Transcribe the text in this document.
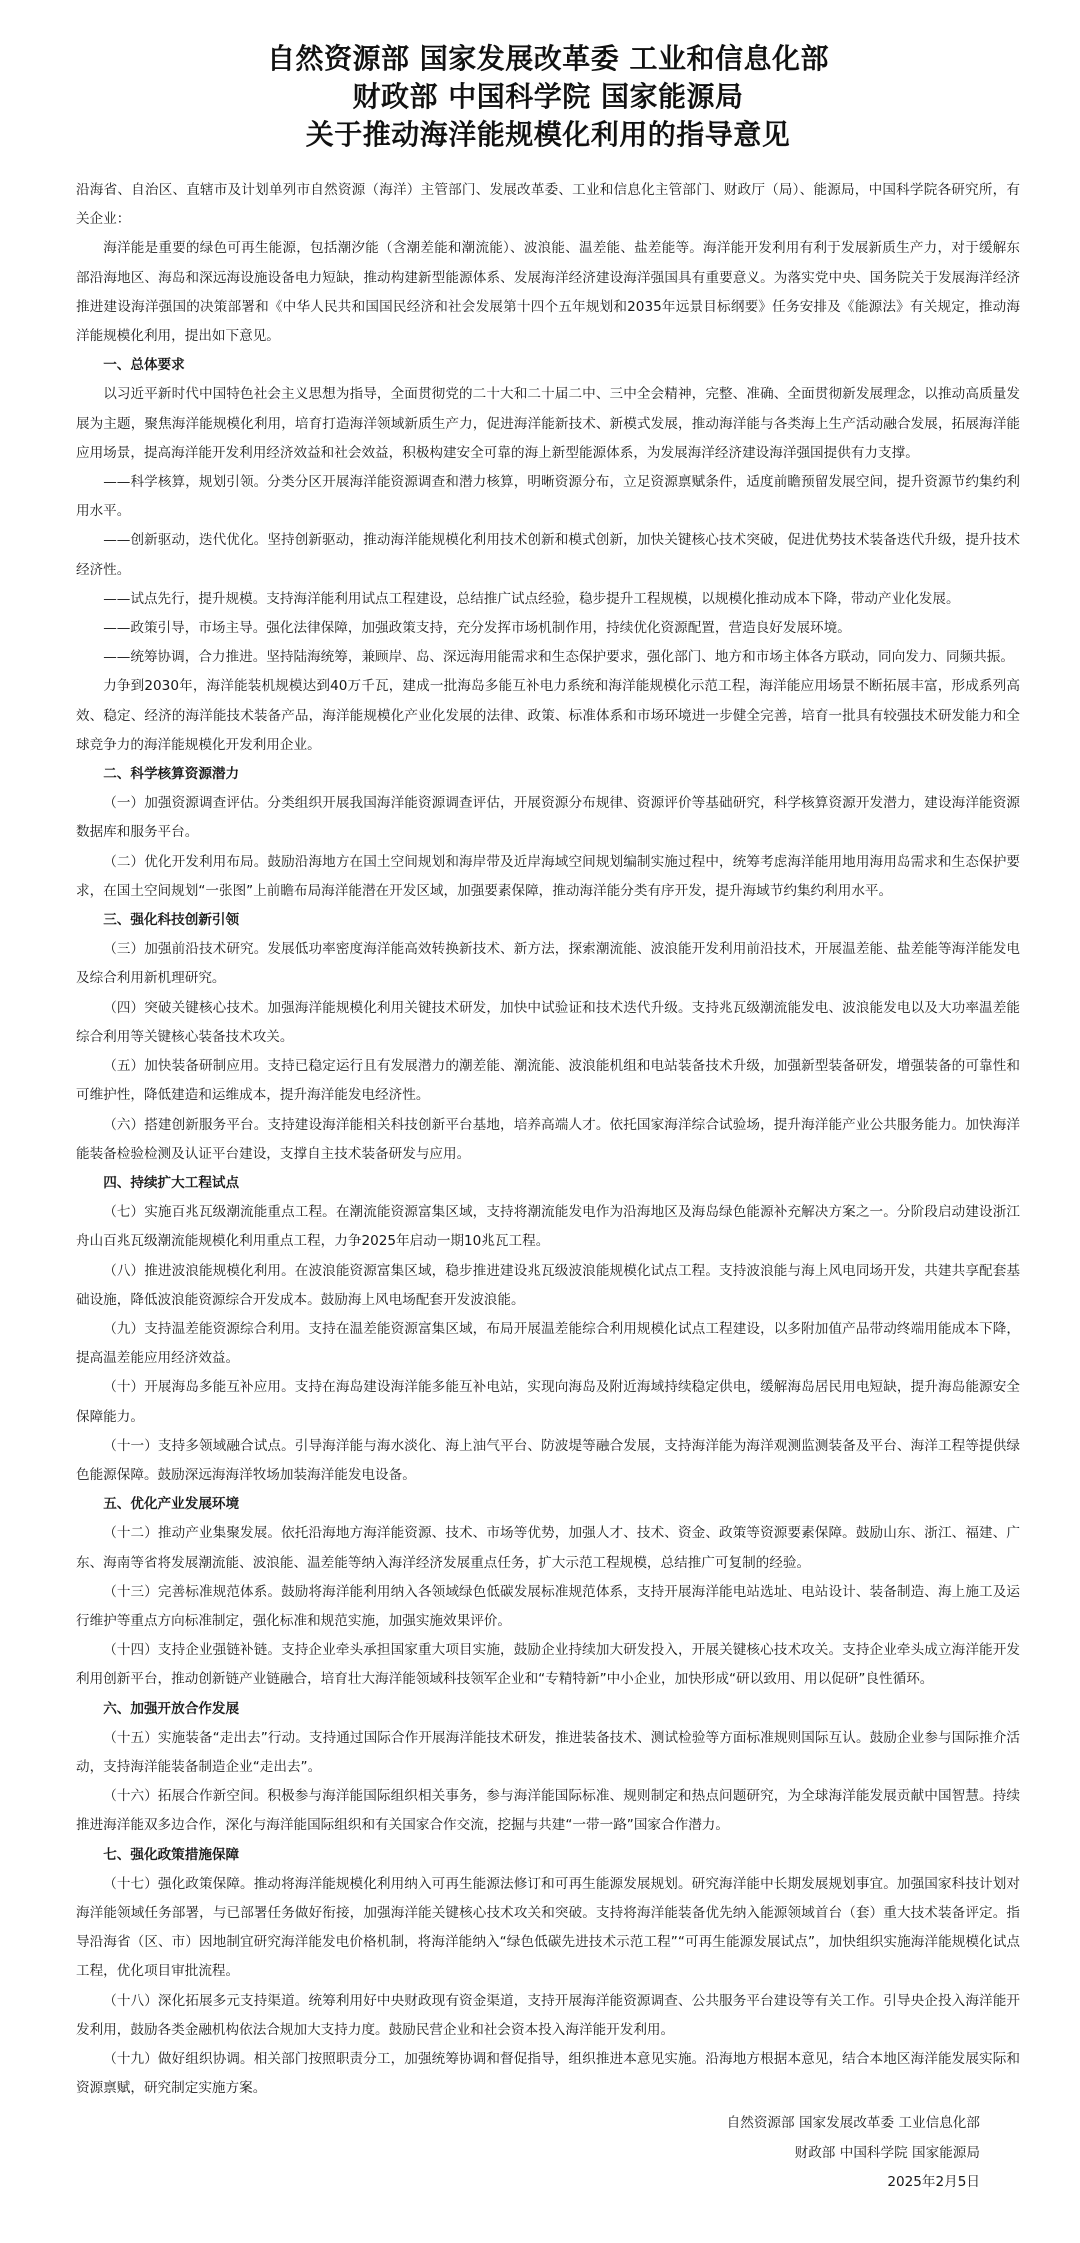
自然资源部 国家发展改革委 工业和信息化部
财政部 中国科学院 国家能源局
关于推动海洋能规模化利用的指导意见

沿海省、自治区、直辖市及计划单列市自然资源（海洋）主管部门、发展改革委、工业和信息化主管部门、财政厅（局）、能源局，中国科学院各研究所，有关企业：

海洋能是重要的绿色可再生能源，包括潮汐能（含潮差能和潮流能）、波浪能、温差能、盐差能等。海洋能开发利用有利于发展新质生产力，对于缓解东部沿海地区、海岛和深远海设施设备电力短缺，推动构建新型能源体系、发展海洋经济建设海洋强国具有重要意义。为落实党中央、国务院关于发展海洋经济推进建设海洋强国的决策部署和《中华人民共和国国民经济和社会发展第十四个五年规划和2035年远景目标纲要》任务安排及《能源法》有关规定，推动海洋能规模化利用，提出如下意见。

一、总体要求

以习近平新时代中国特色社会主义思想为指导，全面贯彻党的二十大和二十届二中、三中全会精神，完整、准确、全面贯彻新发展理念，以推动高质量发展为主题，聚焦海洋能规模化利用，培育打造海洋领域新质生产力，促进海洋能新技术、新模式发展，推动海洋能与各类海上生产活动融合发展，拓展海洋能应用场景，提高海洋能开发利用经济效益和社会效益，积极构建安全可靠的海上新型能源体系，为发展海洋经济建设海洋强国提供有力支撑。

——科学核算，规划引领。分类分区开展海洋能资源调查和潜力核算，明晰资源分布，立足资源禀赋条件，适度前瞻预留发展空间，提升资源节约集约利用水平。

——创新驱动，迭代优化。坚持创新驱动，推动海洋能规模化利用技术创新和模式创新，加快关键核心技术突破，促进优势技术装备迭代升级，提升技术经济性。

——试点先行，提升规模。支持海洋能利用试点工程建设，总结推广试点经验，稳步提升工程规模，以规模化推动成本下降，带动产业化发展。

——政策引导，市场主导。强化法律保障，加强政策支持，充分发挥市场机制作用，持续优化资源配置，营造良好发展环境。

——统筹协调，合力推进。坚持陆海统筹，兼顾岸、岛、深远海用能需求和生态保护要求，强化部门、地方和市场主体各方联动，同向发力、同频共振。

力争到2030年，海洋能装机规模达到40万千瓦，建成一批海岛多能互补电力系统和海洋能规模化示范工程，海洋能应用场景不断拓展丰富，形成系列高效、稳定、经济的海洋能技术装备产品，海洋能规模化产业化发展的法律、政策、标准体系和市场环境进一步健全完善，培育一批具有较强技术研发能力和全球竞争力的海洋能规模化开发利用企业。

二、科学核算资源潜力

（一）加强资源调查评估。分类组织开展我国海洋能资源调查评估，开展资源分布规律、资源评价等基础研究，科学核算资源开发潜力，建设海洋能资源数据库和服务平台。

（二）优化开发利用布局。鼓励沿海地方在国土空间规划和海岸带及近岸海域空间规划编制实施过程中，统筹考虑海洋能用地用海用岛需求和生态保护要求，在国土空间规划“一张图”上前瞻布局海洋能潜在开发区域，加强要素保障，推动海洋能分类有序开发，提升海域节约集约利用水平。

三、强化科技创新引领

（三）加强前沿技术研究。发展低功率密度海洋能高效转换新技术、新方法，探索潮流能、波浪能开发利用前沿技术，开展温差能、盐差能等海洋能发电及综合利用新机理研究。

（四）突破关键核心技术。加强海洋能规模化利用关键技术研发，加快中试验证和技术迭代升级。支持兆瓦级潮流能发电、波浪能发电以及大功率温差能综合利用等关键核心装备技术攻关。

（五）加快装备研制应用。支持已稳定运行且有发展潜力的潮差能、潮流能、波浪能机组和电站装备技术升级，加强新型装备研发，增强装备的可靠性和可维护性，降低建造和运维成本，提升海洋能发电经济性。

（六）搭建创新服务平台。支持建设海洋能相关科技创新平台基地，培养高端人才。依托国家海洋综合试验场，提升海洋能产业公共服务能力。加快海洋能装备检验检测及认证平台建设，支撑自主技术装备研发与应用。

四、持续扩大工程试点

（七）实施百兆瓦级潮流能重点工程。在潮流能资源富集区域，支持将潮流能发电作为沿海地区及海岛绿色能源补充解决方案之一。分阶段启动建设浙江舟山百兆瓦级潮流能规模化利用重点工程，力争2025年启动一期10兆瓦工程。

（八）推进波浪能规模化利用。在波浪能资源富集区域，稳步推进建设兆瓦级波浪能规模化试点工程。支持波浪能与海上风电同场开发，共建共享配套基础设施，降低波浪能资源综合开发成本。鼓励海上风电场配套开发波浪能。

（九）支持温差能资源综合利用。支持在温差能资源富集区域，布局开展温差能综合利用规模化试点工程建设，以多附加值产品带动终端用能成本下降，提高温差能应用经济效益。

（十）开展海岛多能互补应用。支持在海岛建设海洋能多能互补电站，实现向海岛及附近海域持续稳定供电，缓解海岛居民用电短缺，提升海岛能源安全保障能力。

（十一）支持多领域融合试点。引导海洋能与海水淡化、海上油气平台、防波堤等融合发展，支持海洋能为海洋观测监测装备及平台、海洋工程等提供绿色能源保障。鼓励深远海海洋牧场加装海洋能发电设备。

五、优化产业发展环境

（十二）推动产业集聚发展。依托沿海地方海洋能资源、技术、市场等优势，加强人才、技术、资金、政策等资源要素保障。鼓励山东、浙江、福建、广东、海南等省将发展潮流能、波浪能、温差能等纳入海洋经济发展重点任务，扩大示范工程规模，总结推广可复制的经验。

（十三）完善标准规范体系。鼓励将海洋能利用纳入各领域绿色低碳发展标准规范体系，支持开展海洋能电站选址、电站设计、装备制造、海上施工及运行维护等重点方向标准制定，强化标准和规范实施，加强实施效果评价。

（十四）支持企业强链补链。支持企业牵头承担国家重大项目实施，鼓励企业持续加大研发投入，开展关键核心技术攻关。支持企业牵头成立海洋能开发利用创新平台，推动创新链产业链融合，培育壮大海洋能领域科技领军企业和“专精特新”中小企业，加快形成“研以致用、用以促研”良性循环。

六、加强开放合作发展

（十五）实施装备“走出去”行动。支持通过国际合作开展海洋能技术研发，推进装备技术、测试检验等方面标准规则国际互认。鼓励企业参与国际推介活动，支持海洋能装备制造企业“走出去”。

（十六）拓展合作新空间。积极参与海洋能国际组织相关事务，参与海洋能国际标准、规则制定和热点问题研究，为全球海洋能发展贡献中国智慧。持续推进海洋能双多边合作，深化与海洋能国际组织和有关国家合作交流，挖掘与共建“一带一路”国家合作潜力。

七、强化政策措施保障

（十七）强化政策保障。推动将海洋能规模化利用纳入可再生能源法修订和可再生能源发展规划。研究海洋能中长期发展规划事宜。加强国家科技计划对海洋能领域任务部署，与已部署任务做好衔接，加强海洋能关键核心技术攻关和突破。支持将海洋能装备优先纳入能源领域首台（套）重大技术装备评定。指导沿海省（区、市）因地制宜研究海洋能发电价格机制，将海洋能纳入“绿色低碳先进技术示范工程”“可再生能源发展试点”，加快组织实施海洋能规模化试点工程，优化项目审批流程。

（十八）深化拓展多元支持渠道。统筹利用好中央财政现有资金渠道，支持开展海洋能资源调查、公共服务平台建设等有关工作。引导央企投入海洋能开发利用，鼓励各类金融机构依法合规加大支持力度。鼓励民营企业和社会资本投入海洋能开发利用。

（十九）做好组织协调。相关部门按照职责分工，加强统筹协调和督促指导，组织推进本意见实施。沿海地方根据本意见，结合本地区海洋能发展实际和资源禀赋，研究制定实施方案。

自然资源部 国家发展改革委 工业信息化部

财政部 中国科学院 国家能源局

2025年2月5日
